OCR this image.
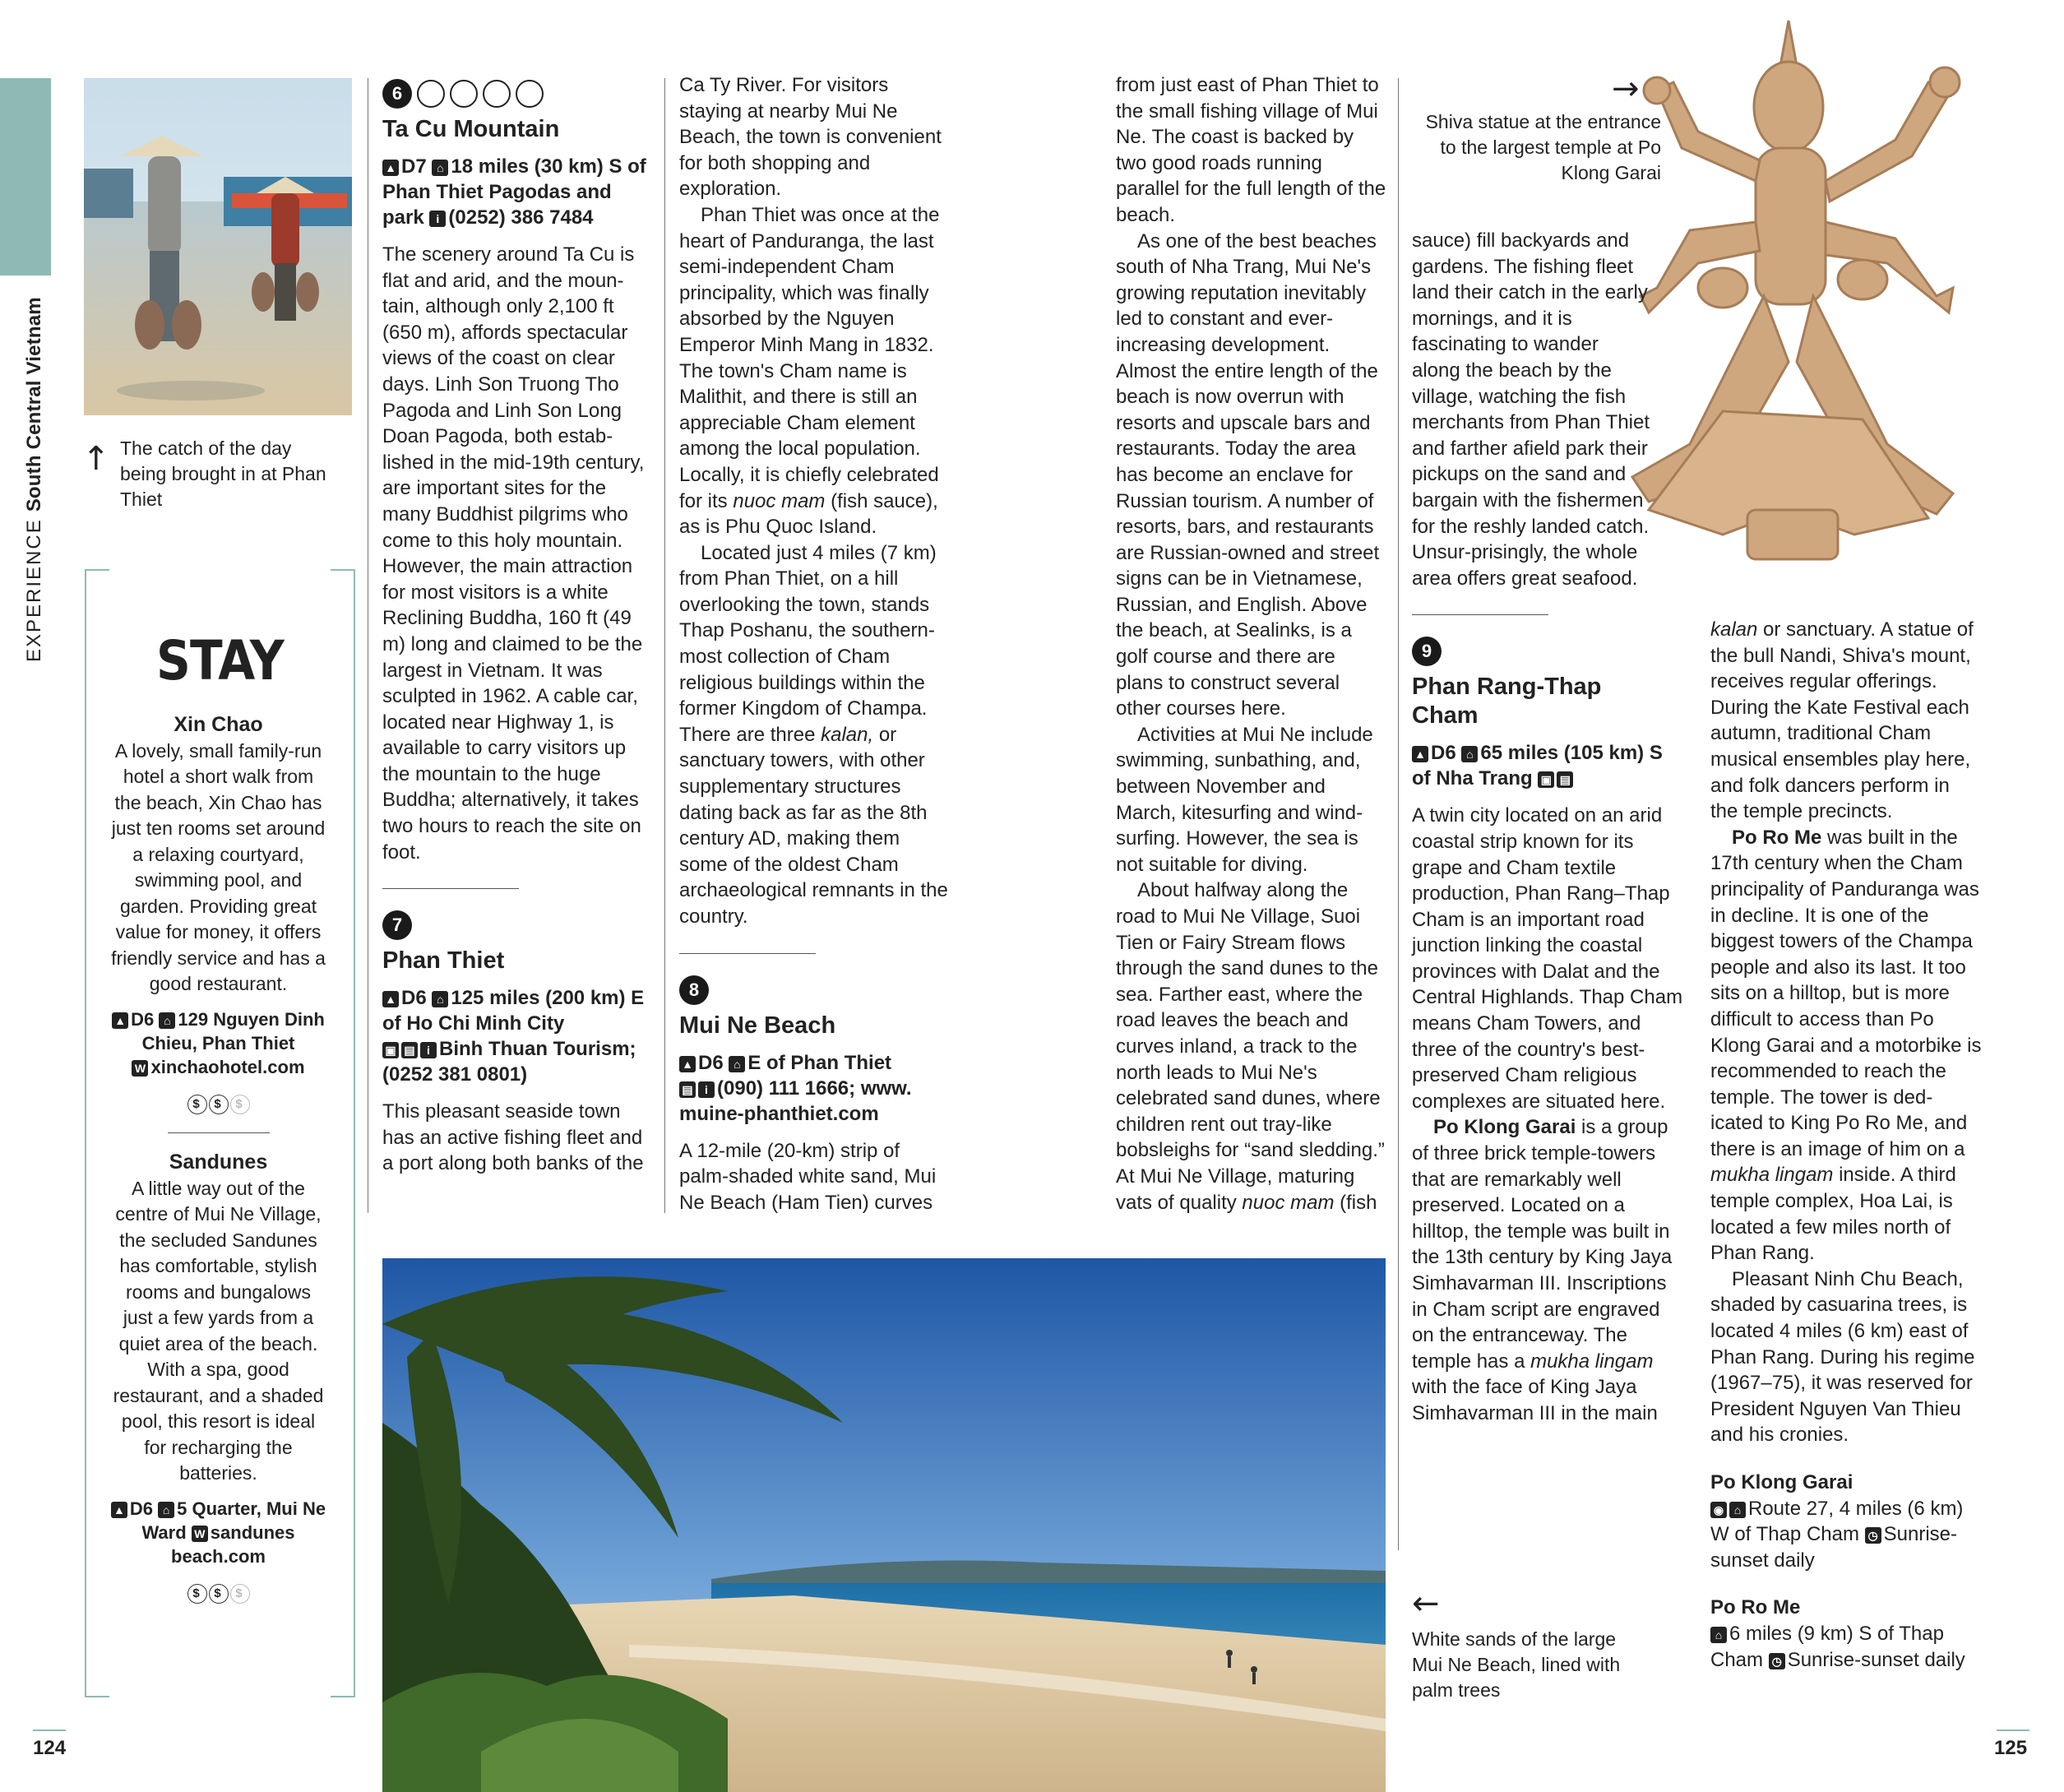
EXPERIENCESouth Central Vietnam	↑ The catch of the day being brought in at Phan Thiet
STAY
Xin Chao
A lovely, small family-run hotel a short walk from the beach, Xin Chao has just ten rooms set around a relaxing courtyard, swimming pool, and garden. Providing great value for money, it offers friendly service and has a good restaurant.
▲ D6 ⌂ 129 Nguyen Dinh Chieu, Phan Thiet
W xinchaohotel.com
$ $ $
Sandunes
A little way out of the centre of Mui Ne Village, the secluded Sandunes has comfortable, stylish rooms and bungalows just a few yards from a quiet area of the beach. With a spa, good restaurant, and a shaded pool, this resort is ideal for recharging the batteries.
▲ D6 ⌂ 5 Quarter, Mui Ne Ward W sandunes beach.com
$ $ $
6
Ta Cu Mountain
▲ D7 ⌂ 18 miles (30 km) S of Phan Thiet Pagodas and park i (0252) 386 7484

The scenery around Ta Cu is flat and arid, and the moun-tain, although only 2,100 ft (650 m), affords spectacular views of the coast on clear days. Linh Son Truong Tho Pagoda and Linh Son Long Doan Pagoda, both estab-lished in the mid-19th century, are important sites for the many Buddhist pilgrims who come to this holy mountain. However, the main attraction for most visitors is a white Reclining Buddha, 160 ft (49 m) long and claimed to be the largest in Vietnam. It was sculpted in 1962. A cable car, located near Highway 1, is available to carry visitors up the mountain to the huge Buddha; alternatively, it takes two hours to reach the site on foot.

7
Phan Thiet
▲ D6 ⌂ 125 miles (200 km) E of Ho Chi Minh City
▣ ▤ i Binh Thuan Tourism; (0252 381 0801)

This pleasant seaside town has an active fishing fleet and a port along both banks of the

Ca Ty River. For visitors staying at nearby Mui Ne Beach, the town is convenient for both shopping and exploration.

Phan Thiet was once at the heart of Panduranga, the last semi-independent Cham principality, which was finally absorbed by the Nguyen Emperor Minh Mang in 1832. The town's Cham name is Malithit, and there is still an appreciable Cham element among the local population. Locally, it is chiefly celebrated for its nuoc mam (fish sauce), as is Phu Quoc Island.

Located just 4 miles (7 km) from Phan Thiet, on a hill overlooking the town, stands Thap Poshanu, the southern-most collection of Cham religious buildings within the former Kingdom of Champa. There are three kalan, or sanctuary towers, with other supplementary structures dating back as far as the 8th century AD, making them some of the oldest Cham archaeological remnants in the country.

8
Mui Ne Beach
▲ D6 ⌂ E of Phan Thiet
▤ i (090) 111 1666; www. muine-phanthiet.com

A 12-mile (20-km) strip of palm-shaded white sand, Mui Ne Beach (Ham Tien) curves

from just east of Phan Thiet to the small fishing village of Mui Ne. The coast is backed by two good roads running parallel for the full length of the beach.

As one of the best beaches south of Nha Trang, Mui Ne's growing reputation inevitably led to constant and ever-increasing development. Almost the entire length of the beach is now overrun with resorts and upscale bars and restaurants. Today the area has become an enclave for Russian tourism. A number of resorts, bars, and restaurants are Russian-owned and street signs can be in Vietnamese, Russian, and English. Above the beach, at Sealinks, is a golf course and there are plans to construct several other courses here.

Activities at Mui Ne include swimming, sunbathing, and, between November and March, kitesurfing and wind-surfing. However, the sea is not suitable for diving.

About halfway along the road to Mui Ne Village, Suoi Tien or Fairy Stream flows through the sand dunes to the sea. Farther east, where the road leaves the beach and curves inland, a track to the north leads to Mui Ne's celebrated sand dunes, where children rent out tray-like bobsleighs for “sand sledding.” At Mui Ne Village, maturing vats of quality nuoc mam (fish

→
Shiva statue at the entrance to the largest temple at Po Klong Garai

sauce) fill backyards and gardens. The fishing fleet land their catch in the early mornings, and it is fascinating to wander along the beach by the village, watching the fish merchants from Phan Thiet and farther afield park their pickups on the sand and bargain with the fishermen for the reshly landed catch. Unsur-prisingly, the whole area offers great seafood.

9
Phan Rang-Thap Cham
▲ D6 ⌂ 65 miles (105 km) S of Nha Trang ▣ ▤

A twin city located on an arid coastal strip known for its grape and Cham textile production, Phan Rang–Thap Cham is an important road junction linking the coastal provinces with Dalat and the Central Highlands. Thap Cham means Cham Towers, and three of the country's best-preserved Cham religious complexes are situated here.

Po Klong Garai is a group of three brick temple-towers that are remarkably well preserved. Located on a hilltop, the temple was built in the 13th century by King Jaya Simhavarman III. Inscriptions in Cham script are engraved on the entranceway. The temple has a mukha lingam with the face of King Jaya Simhavarman III in the main

←
White sands of the large Mui Ne Beach, lined with palm trees

kalan or sanctuary. A statue of the bull Nandi, Shiva's mount, receives regular offerings. During the Kate Festival each autumn, traditional Cham musical ensembles play here, and folk dancers perform in the temple precincts.

Po Ro Me was built in the 17th century when the Cham principality of Panduranga was in decline. It is one of the biggest towers of the Champa people and also its last. It too sits on a hilltop, but is more difficult to access than Po Klong Garai and a motorbike is recommended to reach the temple. The tower is ded-icated to King Po Ro Me, and there is an image of him on a mukha lingam inside. A third temple complex, Hoa Lai, is located a few miles north of Phan Rang.

Pleasant Ninh Chu Beach, shaded by casuarina trees, is located 4 miles (6 km) east of Phan Rang. During his regime (1967–75), it was reserved for President Nguyen Van Thieu and his cronies.

Po Klong Garai
◉ ⌂ Route 27, 4 miles (6 km) W of Thap Cham ◷ Sunrise-sunset daily
Po Ro Me
⌂ 6 miles (9 km) S of Thap Cham ◷ Sunrise-sunset daily
124	125
